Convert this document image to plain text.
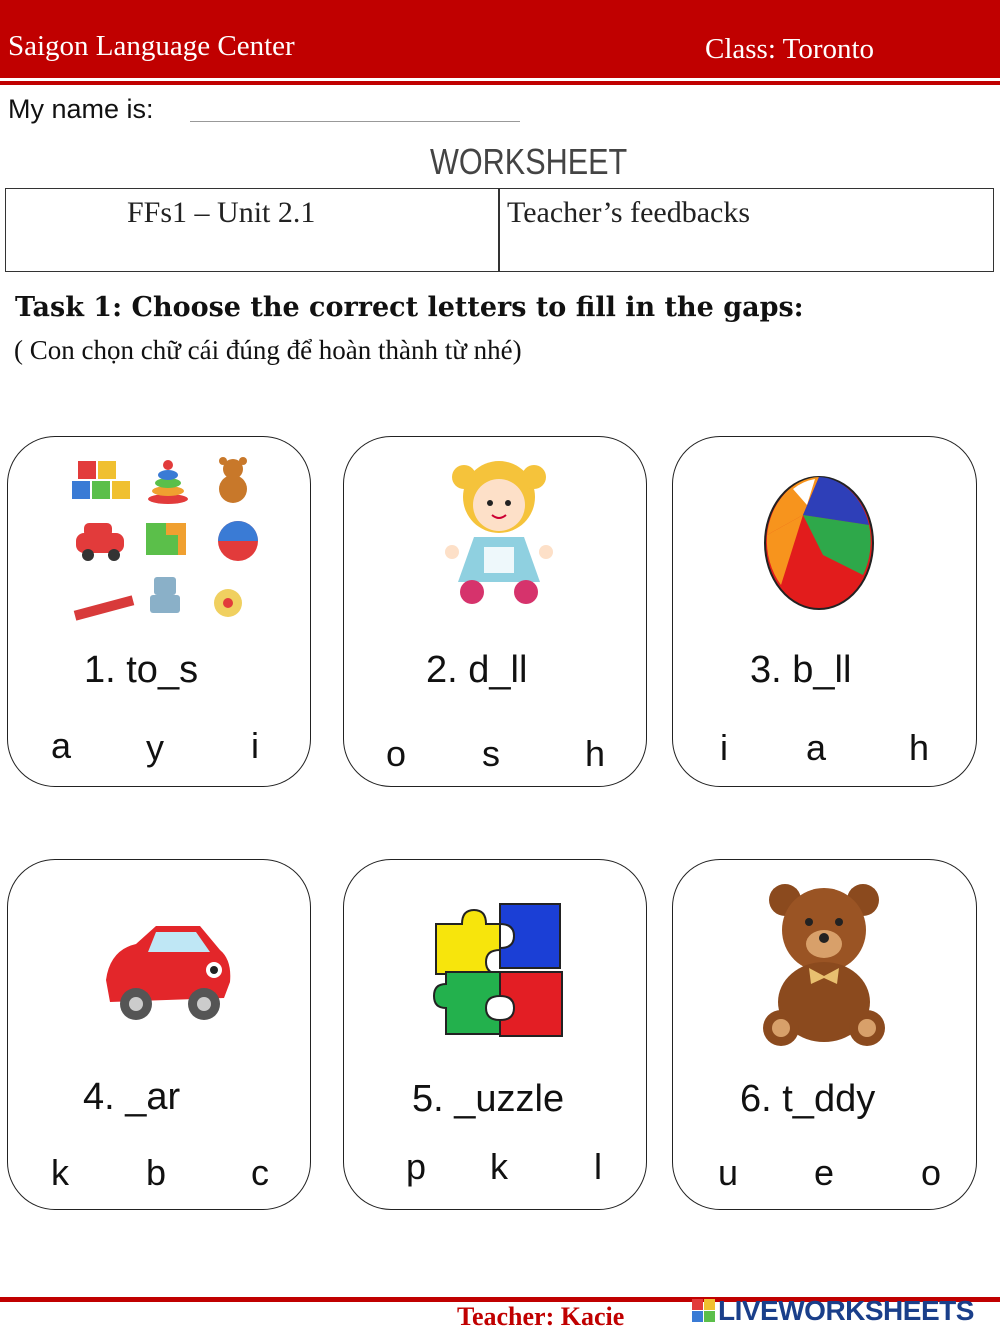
Saigon Language Center	Class: Toronto
My name is:
WORKSHEET
FFs1 – Unit 2.1	Teacher’s feedbacks
Task 1: Choose the correct letters to fill in the gaps:
( Con chọn chữ cái đúng để hoàn thành từ nhé)
1. to_s
a y i
2. d_ll
o s h
3. b_ll
i a h
4. _ar
k b c
5. _uzzle
p k l
6. t_ddy
u e o
Teacher: Kacie	LIVEWORKSHEETS
